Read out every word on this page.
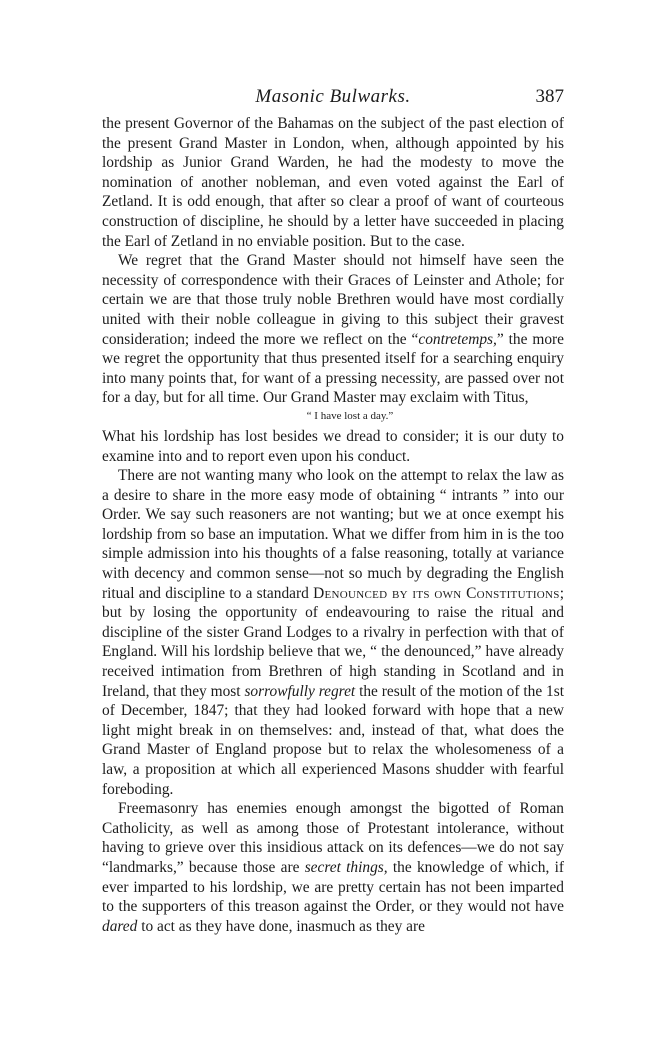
Masonic Bulwarks.	387

the present Governor of the Bahamas on the subject of the past election of the present Grand Master in London, when, although appointed by his lordship as Junior Grand Warden, he had the modesty to move the nomination of another nobleman, and even voted against the Earl of Zetland. It is odd enough, that after so clear a proof of want of courteous construction of discipline, he should by a letter have succeeded in placing the Earl of Zetland in no enviable position. But to the case.

We regret that the Grand Master should not himself have seen the necessity of correspondence with their Graces of Leinster and Athole; for certain we are that those truly noble Brethren would have most cordially united with their noble colleague in giving to this subject their gravest consideration; indeed the more we reflect on the “contretemps,” the more we regret the opportunity that thus presented itself for a searching enquiry into many points that, for want of a pressing necessity, are passed over not for a day, but for all time. Our Grand Master may exclaim with Titus,

“ I have lost a day.”

What his lordship has lost besides we dread to consider; it is our duty to examine into and to report even upon his conduct.

There are not wanting many who look on the attempt to relax the law as a desire to share in the more easy mode of obtaining “ intrants ” into our Order. We say such reasoners are not wanting; but we at once exempt his lordship from so base an imputation. What we differ from him in is the too simple admission into his thoughts of a false reasoning, totally at variance with decency and common sense—not so much by degrading the English ritual and discipline to a standard Denounced by its own Constitutions; but by losing the opportunity of endeavouring to raise the ritual and discipline of the sister Grand Lodges to a rivalry in perfection with that of England. Will his lordship believe that we, “ the denounced,” have already received intimation from Brethren of high standing in Scotland and in Ireland, that they most sorrowfully regret the result of the motion of the 1st of December, 1847; that they had looked forward with hope that a new light might break in on themselves: and, instead of that, what does the Grand Master of England propose but to relax the wholesomeness of a law, a proposition at which all experienced Masons shudder with fearful foreboding.

Freemasonry has enemies enough amongst the bigotted of Roman Catholicity, as well as among those of Protestant intolerance, without having to grieve over this insidious attack on its defences—we do not say “landmarks,” because those are secret things, the knowledge of which, if ever imparted to his lordship, we are pretty certain has not been imparted to the supporters of this treason against the Order, or they would not have dared to act as they have done, inasmuch as they are
